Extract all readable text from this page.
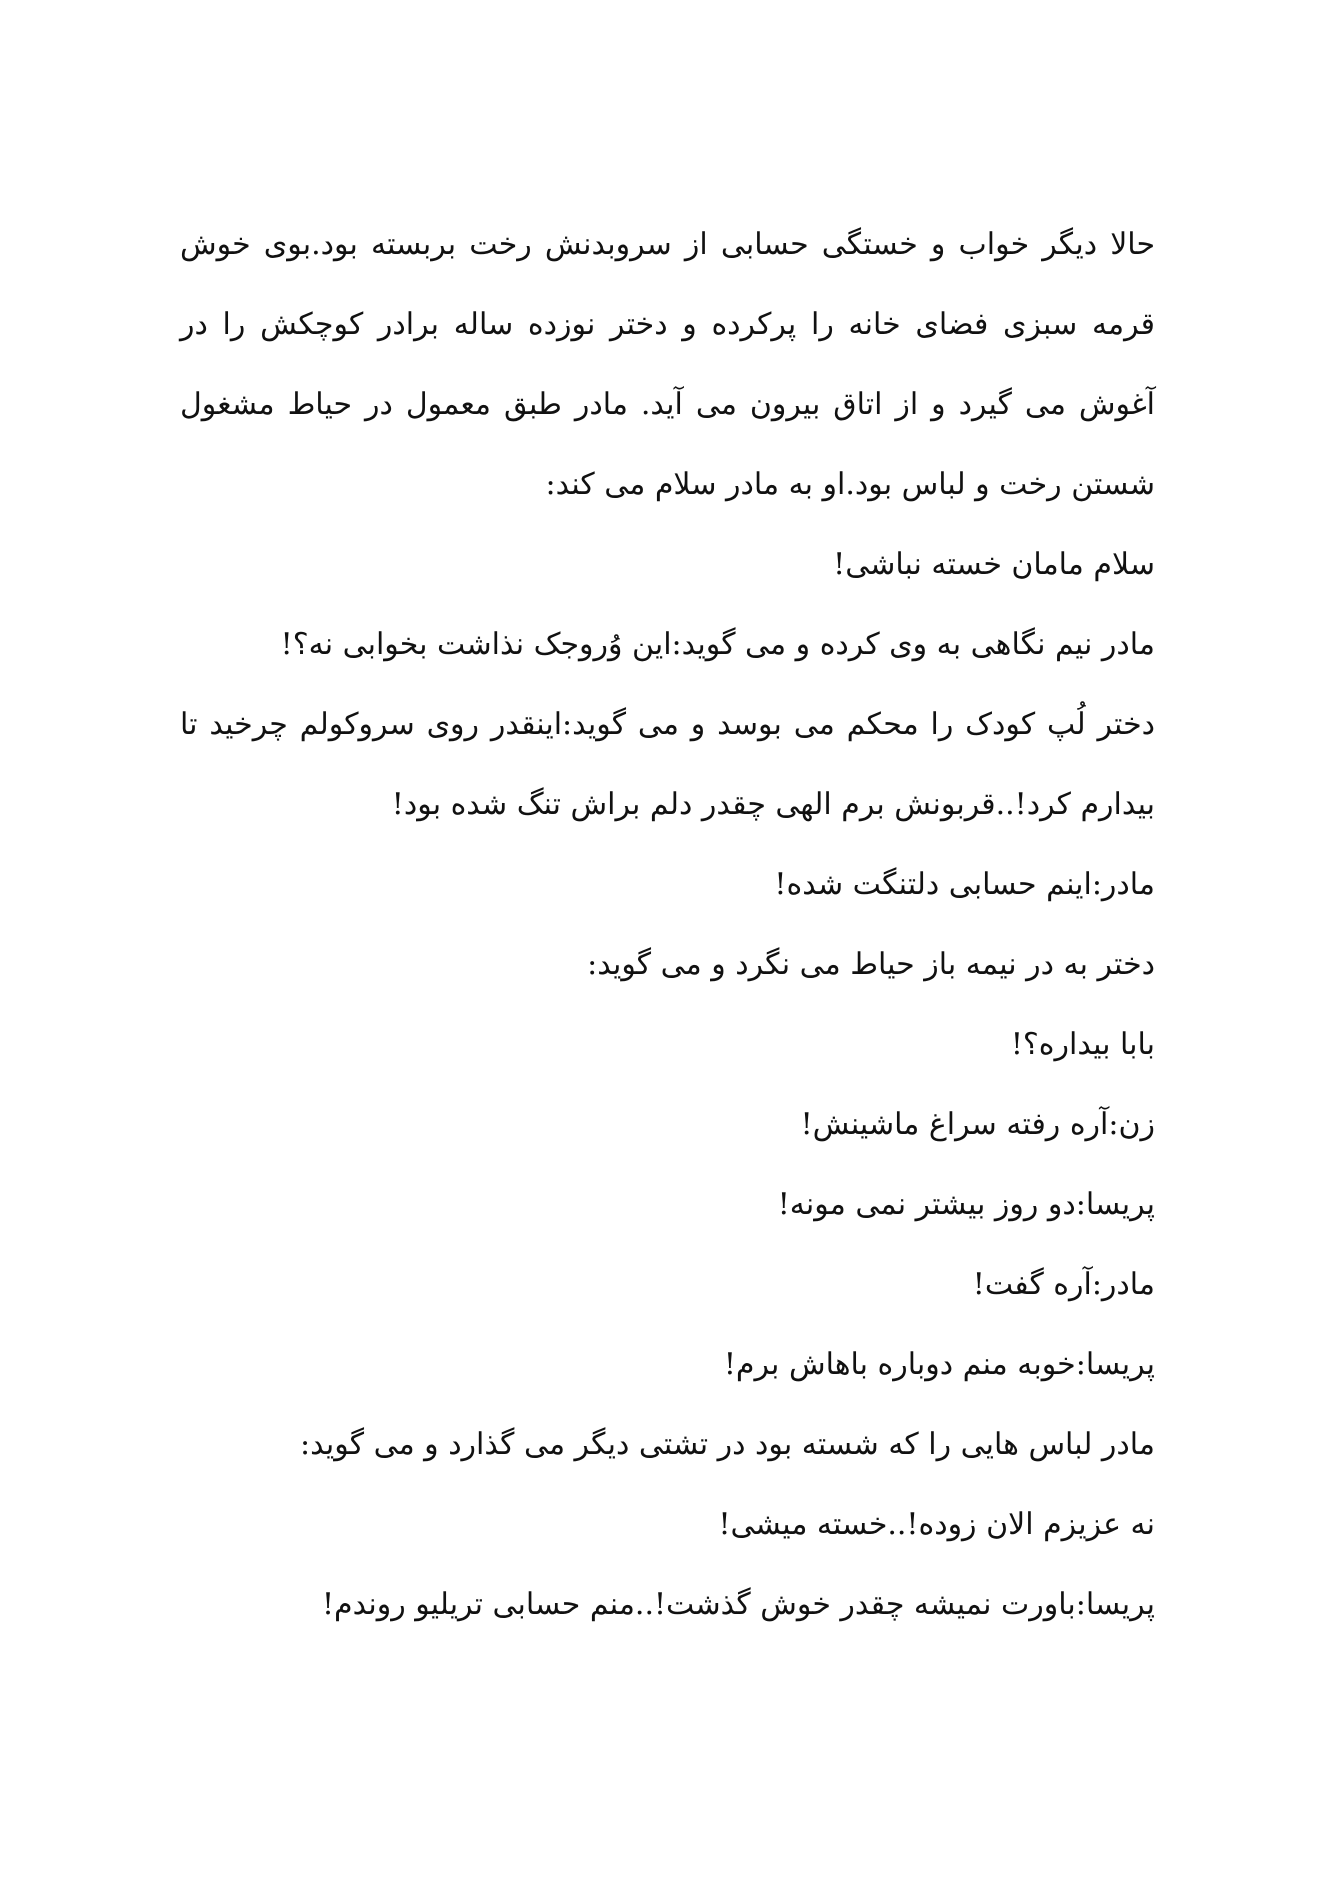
حالا دیگر خواب و خستگی حسابی از سروبدنش رخت بربسته بود.بوی خوش قرمه سبزی فضای خانه را پرکرده و دختر نوزده ساله برادر کوچکش را در آغوش می گیرد و از اتاق بیرون می آید. مادر طبق معمول در حیاط مشغول شستن رخت و لباس بود.او به مادر سلام می کند:

سلام مامان خسته نباشی!

مادر نیم نگاهی به وی کرده و می گوید:این وُروجک نذاشت بخوابی نه؟!

دختر لُپ کودک را محکم می بوسد و می گوید:اینقدر روی سروکولم چرخید تا بیدارم کرد!..قربونش برم الهی چقدر دلم براش تنگ شده بود!

مادر:اینم حسابی دلتنگت شده!

دختر به در نیمه باز حیاط می نگرد و می گوید:

بابا بیداره؟!

زن:آره رفته سراغ ماشینش!

پریسا:دو روز بیشتر نمی مونه!

مادر:آره گفت!

پریسا:خوبه منم دوباره باهاش برم!

مادر لباس هایی را که شسته بود در تشتی دیگر می گذارد و می گوید:

نه عزیزم الان زوده!..خسته میشی!

پریسا:باورت نمیشه چقدر خوش گذشت!..منم حسابی تریلیو روندم!
